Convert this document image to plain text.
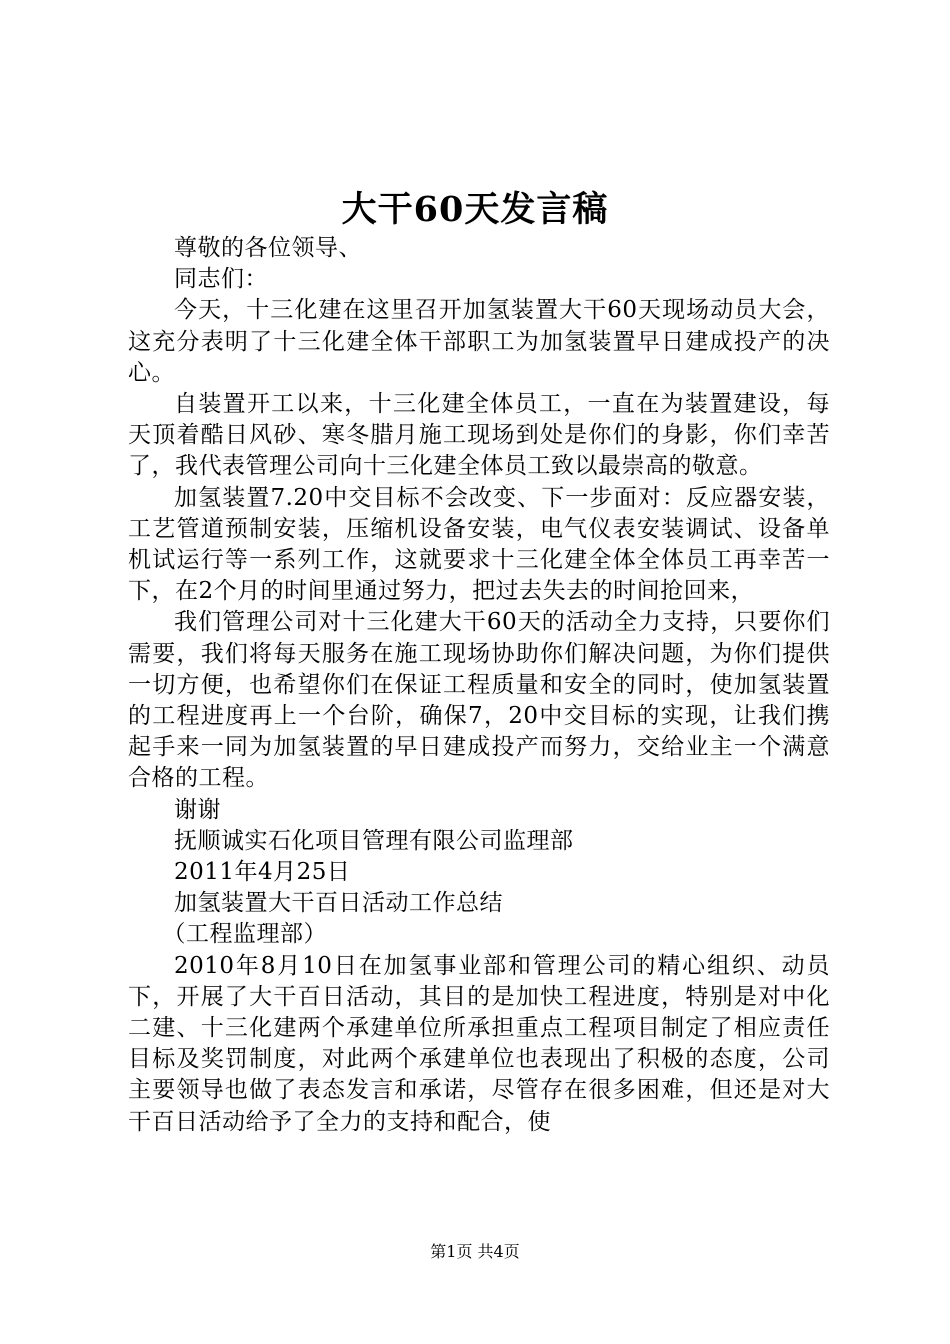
大干60天发言稿

尊敬的各位领导、

同志们：

今天，十三化建在这里召开加氢装置大干60天现场动员大会，这充分表明了十三化建全体干部职工为加氢装置早日建成投产的决心。

自装置开工以来，十三化建全体员工，一直在为装置建设，每天顶着酷日风砂、寒冬腊月施工现场到处是你们的身影，你们幸苦了，我代表管理公司向十三化建全体员工致以最崇高的敬意。

加氢装置7.20中交目标不会改变、下一步面对：反应器安装，工艺管道预制安装，压缩机设备安装，电气仪表安装调试、设备单机试运行等一系列工作，这就要求十三化建全体全体员工再幸苦一下，在2个月的时间里通过努力，把过去失去的时间抢回来，

我们管理公司对十三化建大干60天的活动全力支持，只要你们需要，我们将每天服务在施工现场协助你们解决问题，为你们提供一切方便，也希望你们在保证工程质量和安全的同时，使加氢装置的工程进度再上一个台阶，确保7，20中交目标的实现，让我们携起手来一同为加氢装置的早日建成投产而努力，交给业主一个满意合格的工程。

谢谢

抚顺诚实石化项目管理有限公司监理部

2011年4月25日

加氢装置大干百日活动工作总结

（工程监理部）

2010年8月10日在加氢事业部和管理公司的精心组织、动员下，开展了大干百日活动，其目的是加快工程进度，特别是对中化二建、十三化建两个承建单位所承担重点工程项目制定了相应责任目标及奖罚制度，对此两个承建单位也表现出了积极的态度，公司主要领导也做了表态发言和承诺，尽管存在很多困难，但还是对大干百日活动给予了全力的支持和配合，使

第1页 共4页
